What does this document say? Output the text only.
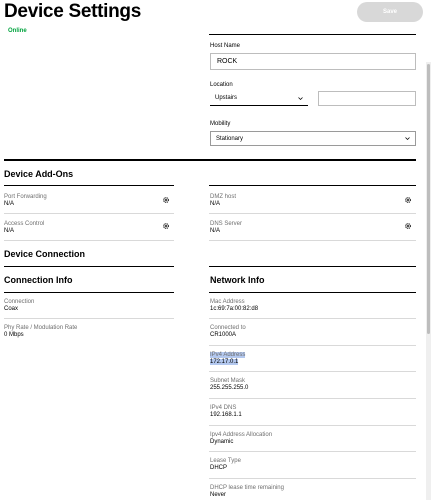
Device Settings	Save
Online
Host Name
ROCK
Location
Upstairs
Mobility
Stationary
Device Add-Ons
Port Forwarding
N/A
DMZ host
N/A
Access Control
N/A
DNS Server
N/A
Device Connection
Connection Info	Network Info
Connection
Coax
Phy Rate / Modulation Rate
0 Mbps
Mac Address
1c:69:7a:00:82:d8
Connected to
CR1000A
IPv4 Address
172.17.0.1
Subnet Mask
255.255.255.0
IPv4 DNS
192.168.1.1
Ipv4 Address Allocation
Dynamic
Lease Type
DHCP
DHCP lease time remaining
Never
